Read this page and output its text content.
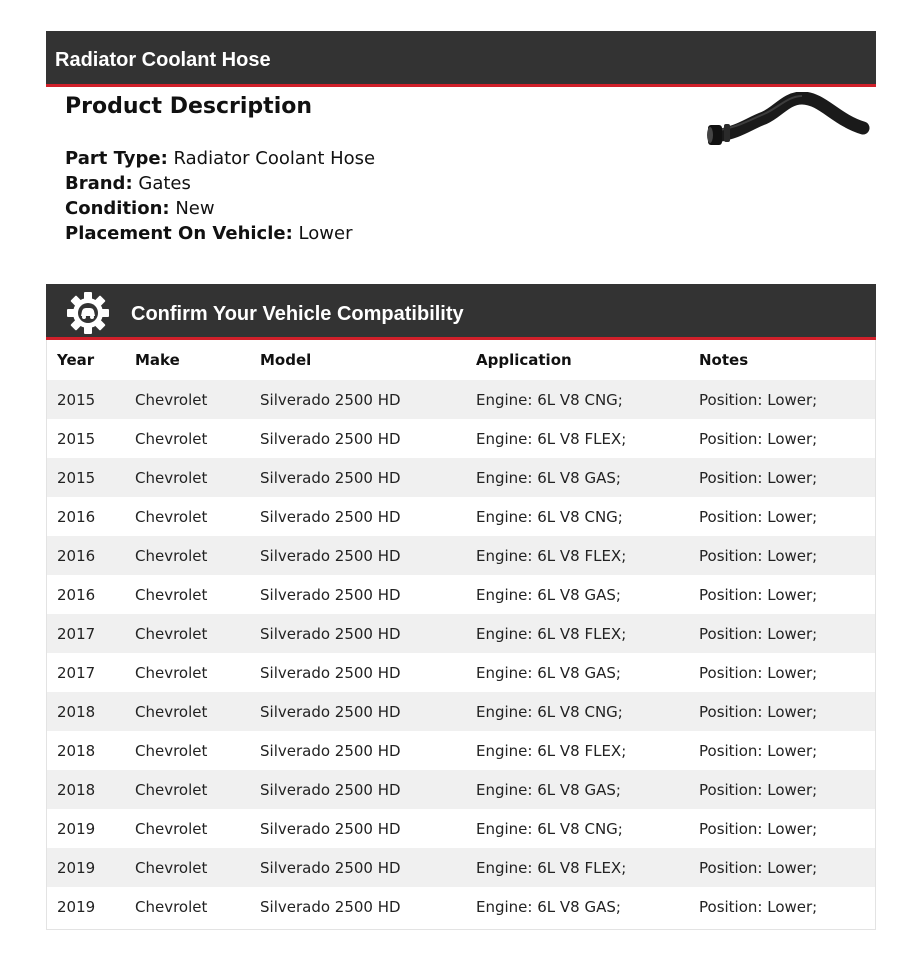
Radiator Coolant Hose
Product Description
Part Type: Radiator Coolant Hose
Brand: Gates
Condition: New
Placement On Vehicle: Lower
Confirm Your Vehicle Compatibility
Year	Make	Model	Application	Notes
2015	Chevrolet	Silverado 2500 HD	Engine: 6L V8 CNG;	Position: Lower;
2015	Chevrolet	Silverado 2500 HD	Engine: 6L V8 FLEX;	Position: Lower;
2015	Chevrolet	Silverado 2500 HD	Engine: 6L V8 GAS;	Position: Lower;
2016	Chevrolet	Silverado 2500 HD	Engine: 6L V8 CNG;	Position: Lower;
2016	Chevrolet	Silverado 2500 HD	Engine: 6L V8 FLEX;	Position: Lower;
2016	Chevrolet	Silverado 2500 HD	Engine: 6L V8 GAS;	Position: Lower;
2017	Chevrolet	Silverado 2500 HD	Engine: 6L V8 FLEX;	Position: Lower;
2017	Chevrolet	Silverado 2500 HD	Engine: 6L V8 GAS;	Position: Lower;
2018	Chevrolet	Silverado 2500 HD	Engine: 6L V8 CNG;	Position: Lower;
2018	Chevrolet	Silverado 2500 HD	Engine: 6L V8 FLEX;	Position: Lower;
2018	Chevrolet	Silverado 2500 HD	Engine: 6L V8 GAS;	Position: Lower;
2019	Chevrolet	Silverado 2500 HD	Engine: 6L V8 CNG;	Position: Lower;
2019	Chevrolet	Silverado 2500 HD	Engine: 6L V8 FLEX;	Position: Lower;
2019	Chevrolet	Silverado 2500 HD	Engine: 6L V8 GAS;	Position: Lower;
